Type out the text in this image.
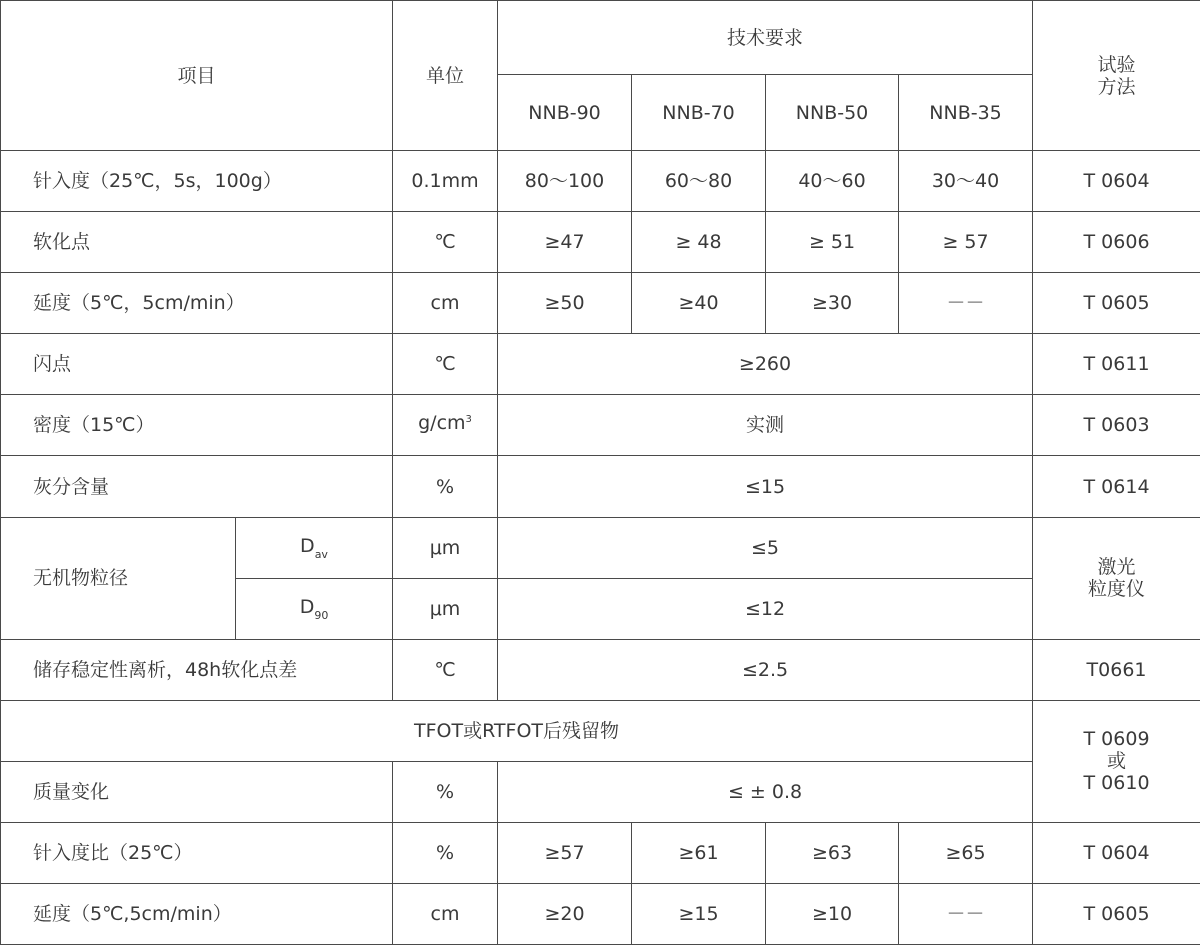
项目		单位	技术要求				试验
方法
			NNB-90	NNB-70	NNB-50	NNB-35	
针入度（25℃，5s，100g）		0.1mm	80～100	60～80	40～60	30～40	T 0604
软化点		℃	≥47	≥ 48	≥ 51	≥ 57	T 0606
延度（5℃，5cm/min）		cm	≥50	≥40	≥30	－－	T 0605
闪点		℃	≥260				T 0611
密度（15℃）		$g/cm^3$	实测				T 0603
灰分含量		%	≤15				T 0614
无机物粒径	$D_{av}$	μm	≤5				激光
粒度仪
	$D_{90}$	μm	≤12				
储存稳定性离析，48h软化点差		℃	≤2.5				T0661
TFOT或RTFOT后残留物							T 0609
或
T 0610
质量变化		%	≤ ± 0.8				
针入度比（25℃）		%	≥57	≥61	≥63	≥65	T 0604
延度（5℃,5cm/min）		cm	≥20	≥15	≥10	－－	T 0605
